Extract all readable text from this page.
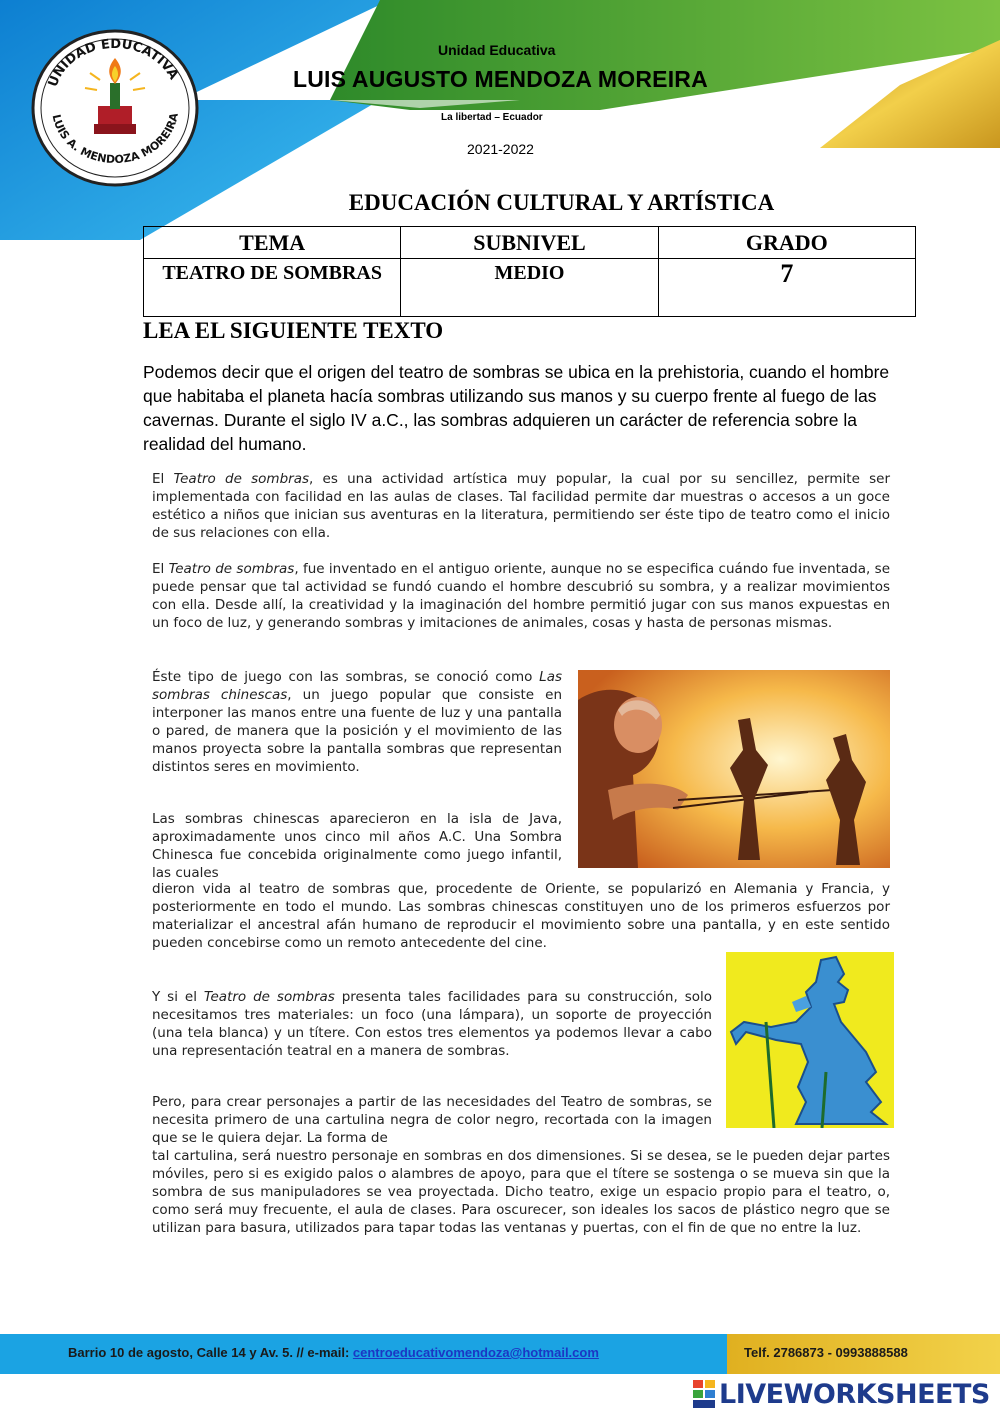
UNIDAD EDUCATIVA
LUIS A. MENDOZA MOREIRA
Unidad Educativa
LUIS AUGUSTO MENDOZA MOREIRA
La libertad – Ecuador
2021-2022
EDUCACIÓN CULTURAL Y ARTÍSTICA
TEMA	SUBNIVEL	GRADO
TEATRO DE SOMBRAS	MEDIO	7
LEA EL SIGUIENTE TEXTO
Podemos decir que el origen del teatro de sombras se ubica en la prehistoria, cuando el hombre que habitaba el planeta hacía sombras utilizando sus manos y su cuerpo frente al fuego de las cavernas. Durante el siglo IV a.C., las sombras adquieren un carácter de referencia sobre la realidad del humano.
El Teatro de sombras, es una actividad artística muy popular, la cual por su sencillez, permite ser implementada con facilidad en las aulas de clases. Tal facilidad permite dar muestras o accesos a un goce estético a niños que inician sus aventuras en la literatura, permitiendo ser éste tipo de teatro como el inicio de sus relaciones con ella.
El Teatro de sombras, fue inventado en el antiguo oriente, aunque no se especifica cuándo fue inventada, se puede pensar que tal actividad se fundó cuando el hombre descubrió su sombra, y a realizar movimientos con ella. Desde allí, la creatividad y la imaginación del hombre permitió jugar con sus manos expuestas en un foco de luz, y generando sombras y imitaciones de animales, cosas y hasta de personas mismas.
Éste tipo de juego con las sombras, se conoció como Las sombras chinescas, un juego popular que consiste en interponer las manos entre una fuente de luz y una pantalla o pared, de manera que la posición y el movimiento de las manos proyecta sobre la pantalla sombras que representan distintos seres en movimiento.
Las sombras chinescas aparecieron en la isla de Java, aproximadamente unos cinco mil años A.C. Una Sombra Chinesca fue concebida originalmente como juego infantil, las cuales
dieron vida al teatro de sombras que, procedente de Oriente, se popularizó en Alemania y Francia, y posteriormente en todo el mundo. Las sombras chinescas constituyen uno de los primeros esfuerzos por materializar el ancestral afán humano de reproducir el movimiento sobre una pantalla, y en este sentido pueden concebirse como un remoto antecedente del cine.
Y si el Teatro de sombras presenta tales facilidades para su construcción, solo necesitamos tres materiales: un foco (una lámpara), un soporte de proyección (una tela blanca) y un títere. Con estos tres elementos ya podemos llevar a cabo una representación teatral en a manera de sombras.
Pero, para crear personajes a partir de las necesidades del Teatro de sombras, se necesita primero de una cartulina negra de color negro, recortada con la imagen que se le quiera dejar. La forma de
tal cartulina, será nuestro personaje en sombras en dos dimensiones. Si se desea, se le pueden dejar partes móviles, pero si es exigido palos o alambres de apoyo, para que el títere se sostenga o se mueva sin que la sombra de sus manipuladores se vea proyectada. Dicho teatro, exige un espacio propio para el teatro, o, como será muy frecuente, el aula de clases. Para oscurecer, son ideales los sacos de plástico negro que se utilizan para basura, utilizados para tapar todas las ventanas y puertas, con el fin de que no entre la luz.
Barrio 10 de agosto, Calle 14 y Av. 5. // e-mail: centroeducativomendoza@hotmail.com	Telf. 2786873 - 0993888588
LIVEWORKSHEETS
